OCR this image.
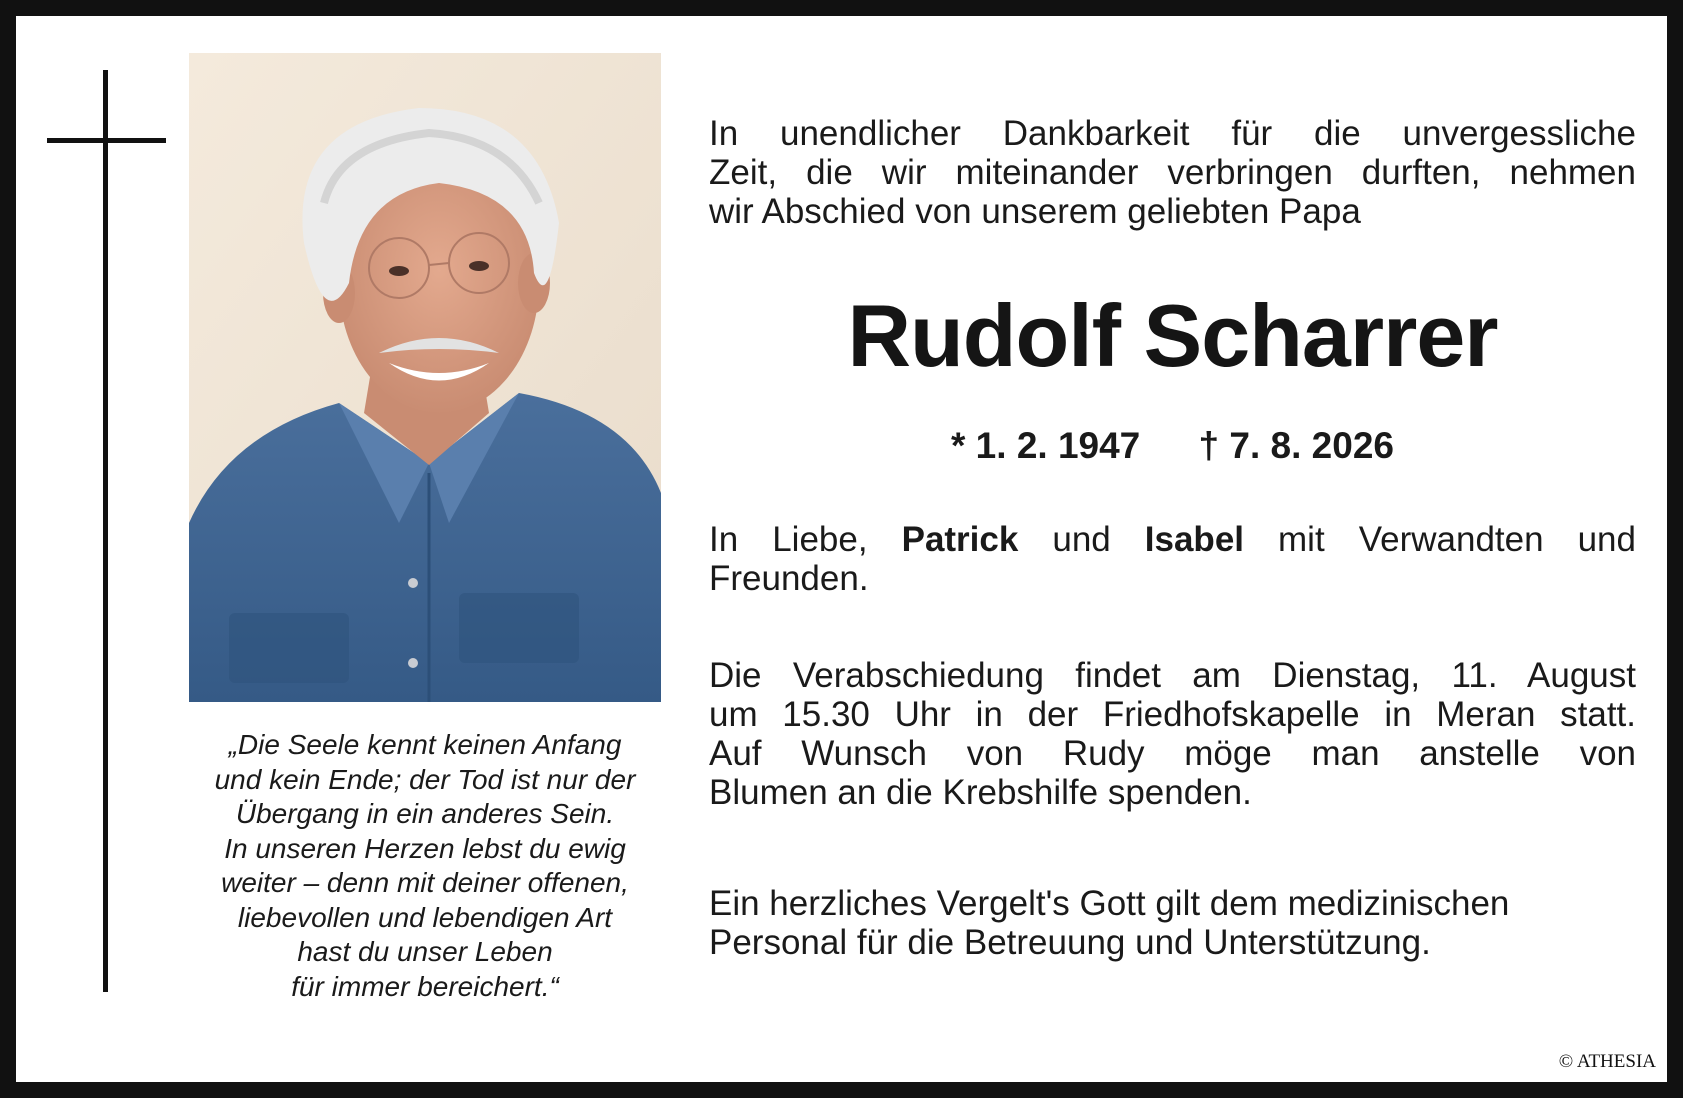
„Die Seele kennt keinen Anfang
und kein Ende; der Tod ist nur der
Übergang in ein anderes Sein.
In unseren Herzen lebst du ewig
weiter – denn mit deiner offenen,
liebevollen und lebendigen Art
hast du unser Leben
für immer bereichert.“
In unendlicher Dankbarkeit für die unvergessliche
Zeit, die wir miteinander verbringen durften, nehmen
wir Abschied von unserem geliebten Papa
Rudolf Scharrer
* 1. 2. 1947 † 7. 8. 2026
In Liebe, Patrick und Isabel mit Verwandten und
Freunden.
Die Verabschiedung findet am Dienstag, 11. August
um 15.30 Uhr in der Friedhofskapelle in Meran statt.
Auf Wunsch von Rudy möge man anstelle von
Blumen an die Krebshilfe spenden.
Ein herzliches Vergelt's Gott gilt dem medizinischen
Personal für die Betreuung und Unterstützung.
© ATHESIA
